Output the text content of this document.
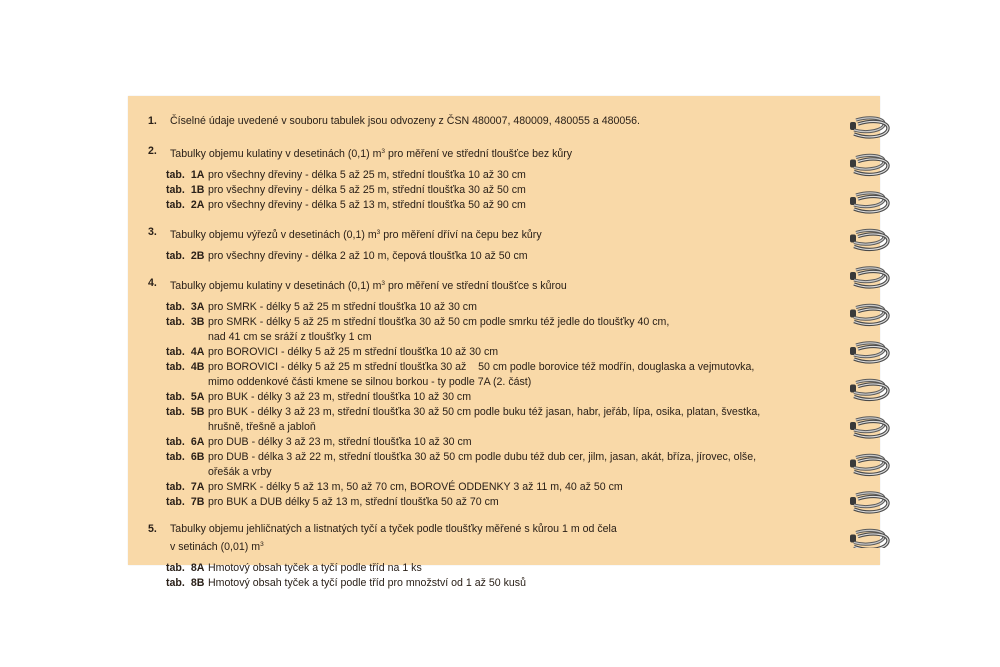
1. Číselné údaje uvedené v souboru tabulek jsou odvozeny z ČSN 480007, 480009, 480055 a 480056.
2. Tabulky objemu kulatiny v desetinách (0,1) $m^3$ pro měření ve střední tloušťce bez kůry
tab. 1A pro všechny dřeviny - délka 5 až 25 m, střední tloušťka 10 až 30 cm
tab. 1B pro všechny dřeviny - délka 5 až 25 m, střední tloušťka 30 až 50 cm
tab. 2A pro všechny dřeviny - délka 5 až 13 m, střední tloušťka 50 až 90 cm
3. Tabulky objemu výřezů v desetinách (0,1) $m^3$ pro měření dříví na čepu bez kůry
tab. 2B pro všechny dřeviny - délka 2 až 10 m, čepová tloušťka 10 až 50 cm
4. Tabulky objemu kulatiny v desetinách (0,1) $m^3$ pro měření ve střední tloušťce s kůrou
tab. 3A pro SMRK - délky 5 až 25 m střední tloušťka 10 až 30 cm
tab. 3B pro SMRK - délky 5 až 25 m střední tloušťka 30 až 50 cm podle smrku též jedle do tloušťky 40 cm,
nad 41 cm se sráží z tloušťky 1 cm
tab. 4A pro BOROVICI - délky 5 až 25 m střední tloušťka 10 až 30 cm
tab. 4B pro BOROVICI - délky 5 až 25 m střední tloušťka 30 až    50 cm podle borovice též modřín, douglaska a vejmutovka,
mimo oddenkové části kmene se silnou borkou - ty podle 7A (2. část)
tab. 5A pro BUK - délky 3 až 23 m, střední tloušťka 10 až 30 cm
tab. 5B pro BUK - délky 3 až 23 m, střední tloušťka 30 až 50 cm podle buku též jasan, habr, jeřáb, lípa, osika, platan, švestka,
hrušně, třešně a jabloň
tab. 6A pro DUB - délky 3 až 23 m, střední tloušťka 10 až 30 cm
tab. 6B pro DUB - délka 3 až 22 m, střední tloušťka 30 až 50 cm podle dubu též dub cer, jilm, jasan, akát, bříza, jírovec, olše,
ořešák a vrby
tab. 7A pro SMRK - délky 5 až 13 m, 50 až 70 cm, BOROVÉ ODDENKY 3 až 11 m, 40 až 50 cm
tab. 7B pro BUK a DUB délky 5 až 13 m, střední tloušťka 50 až 70 cm
5. Tabulky objemu jehličnatých a listnatých tyčí a tyček podle tloušťky měřené s kůrou 1 m od čela
v setinách (0,01) $m^3$
tab. 8A Hmotový obsah tyček a tyčí podle tříd na 1 ks
tab. 8B Hmotový obsah tyček a tyčí podle tříd pro množství od 1 až 50 kusů
